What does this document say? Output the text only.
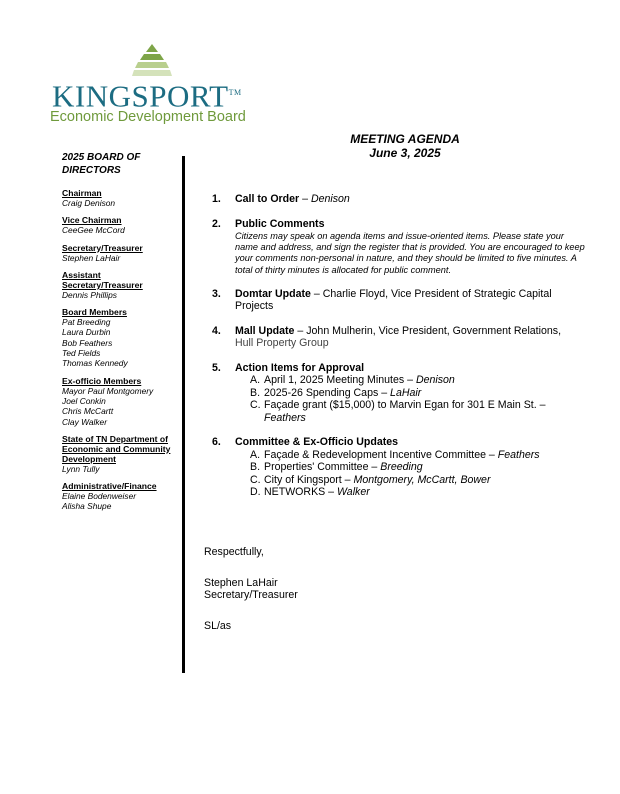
KINGSPORT™
Economic Development Board
MEETING AGENDA
June 3, 2025
2025 BOARD OF DIRECTORS
Chairman
Craig Denison
Vice Chairman
CeeGee McCord
Secretary/Treasurer
Stephen LaHair
Assistant Secretary/Treasurer
Dennis Phillips
Board Members
Pat Breeding
Laura Durbin
Bob Feathers
Ted Fields
Thomas Kennedy
Ex-officio Members
Mayor Paul Montgomery
Joel Conkin
Chris McCartt
Clay Walker
State of TN Department of Economic and Community Development
Lynn Tully
Administrative/Finance
Elaine Bodenweiser
Alisha Shupe
1. Call to Order – Denison
2. Public Comments
Citizens may speak on agenda items and issue-oriented items. Please state your name and address, and sign the register that is provided. You are encouraged to keep your comments non-personal in nature, and they should be limited to five minutes. A total of thirty minutes is allocated for public comment.
3. Domtar Update – Charlie Floyd, Vice President of Strategic Capital Projects
4. Mall Update – John Mulherin, Vice President, Government Relations,
Hull Property Group
5. Action Items for Approval
A. April 1, 2025 Meeting Minutes – Denison
B. 2025-26 Spending Caps – LaHair
C. Façade grant ($15,000) to Marvin Egan for 301 E Main St. – Feathers
6. Committee & Ex-Officio Updates
A. Façade & Redevelopment Incentive Committee – Feathers
B. Properties' Committee – Breeding
C. City of Kingsport – Montgomery, McCartt, Bower
D. NETWORKS – Walker
Respectfully,
Stephen LaHair
Secretary/Treasurer
SL/as
